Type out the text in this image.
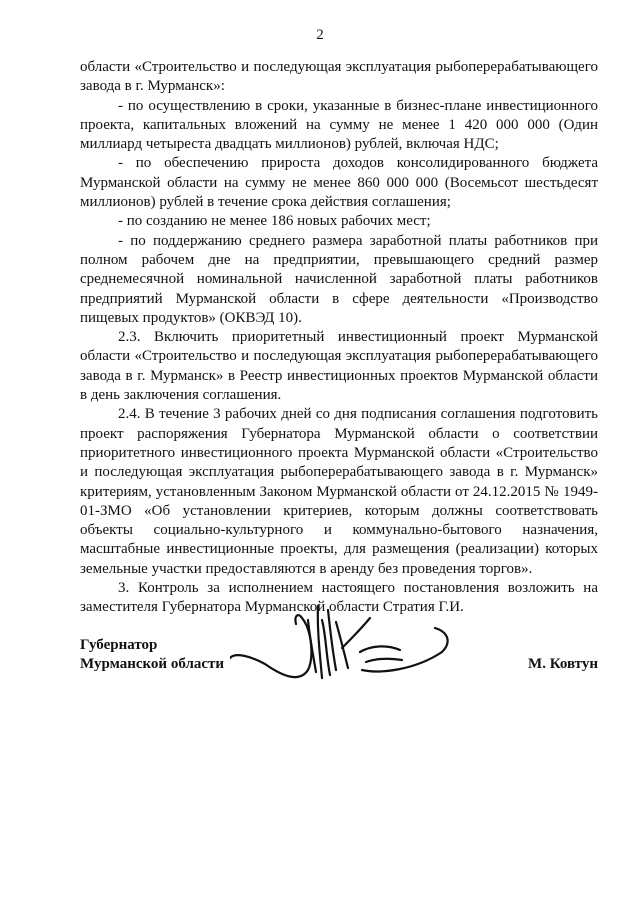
2

области «Строительство и последующая эксплуатация рыбоперерабатывающего завода в г. Мурманск»:

- по осуществлению в сроки, указанные в бизнес-плане инвестиционного проекта, капитальных вложений на сумму не менее 1 420 000 000 (Один миллиард четыреста двадцать миллионов) рублей, включая НДС;

- по обеспечению прироста доходов консолидированного бюджета Мурманской области на сумму не менее 860 000 000 (Восемьсот шестьдесят миллионов) рублей в течение срока действия соглашения;

- по созданию не менее 186 новых рабочих мест;

- по поддержанию среднего размера заработной платы работников при полном рабочем дне на предприятии, превышающего средний размер среднемесячной номинальной начисленной заработной платы работников предприятий Мурманской области в сфере деятельности «Производство пищевых продуктов» (ОКВЭД 10).

2.3. Включить приоритетный инвестиционный проект Мурманской области «Строительство и последующая эксплуатация рыбоперерабатывающего завода в г. Мурманск» в Реестр инвестиционных проектов Мурманской области в день заключения соглашения.

2.4. В течение 3 рабочих дней со дня подписания соглашения подготовить проект распоряжения Губернатора Мурманской области о соответствии приоритетного инвестиционного проекта Мурманской области «Строительство и последующая эксплуатация рыбоперерабатывающего завода в г. Мурманск» критериям, установленным Законом Мурманской области от 24.12.2015 № 1949-01-ЗМО «Об установлении критериев, которым должны соответствовать объекты социально-культурного и коммунально-бытового назначения, масштабные инвестиционные проекты, для размещения (реализации) которых земельные участки предоставляются в аренду без проведения торгов».

3. Контроль за исполнением настоящего постановления возложить на заместителя Губернатора Мурманской области Стратия Г.И.

Губернатор
Мурманской области	М. Ковтун
